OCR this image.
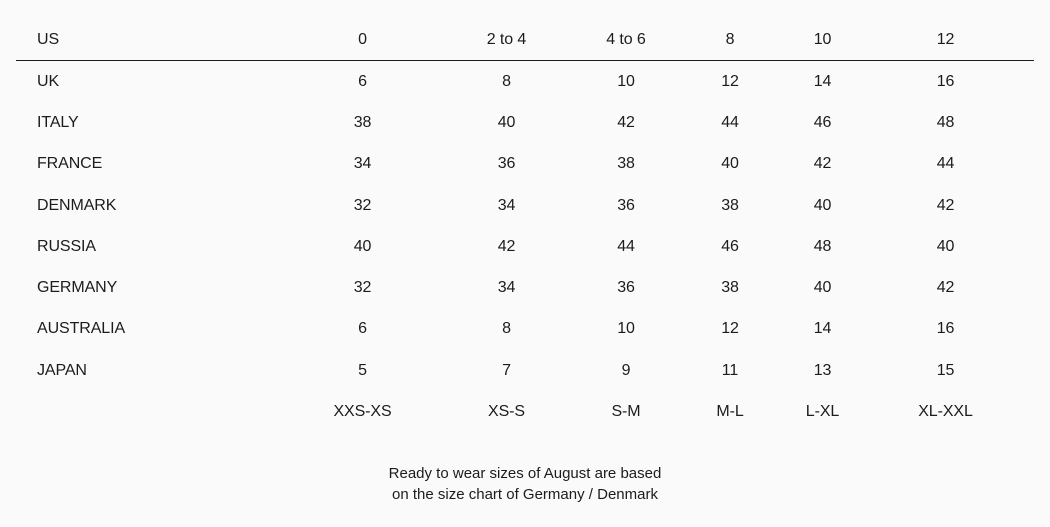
US	0	2 to 4	4 to 6	8	10	12
UK	6	8	10	12	14	16
ITALY	38	40	42	44	46	48
FRANCE	34	36	38	40	42	44
DENMARK	32	34	36	38	40	42
RUSSIA	40	42	44	46	48	40
GERMANY	32	34	36	38	40	42
AUSTRALIA	6	8	10	12	14	16
JAPAN	5	7	9	11	13	15
	XXS-XS	XS-S	S-M	M-L	L-XL	XL-XXL
Ready to wear sizes of August are based
on the size chart of Germany / Denmark
